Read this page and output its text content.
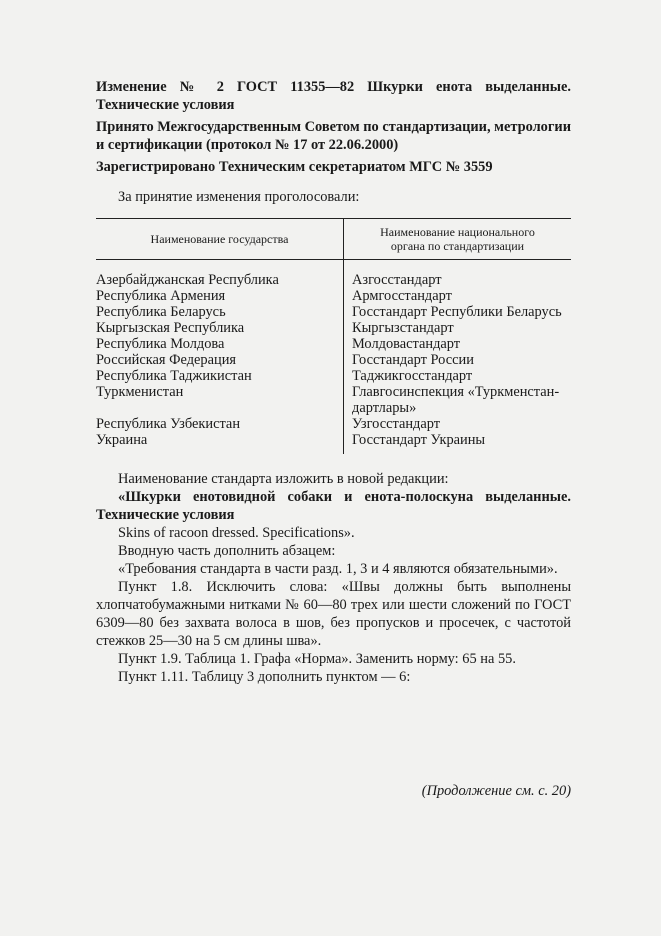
Изменение № 2 ГОСТ 11355—82 Шкурки енота выделанные. Технические условия
Принято Межгосударственным Советом по стандартизации, метрологии и сертификации (протокол № 17 от 22.06.2000)
Зарегистрировано Техническим секретариатом МГС № 3559
За принятие изменения проголосовали:
Наименование государства	Наименование национального
органа по стандартизации

Азербайджанская Республика	Азгосстандарт
Республика Армения	Армгосстандарт
Республика Беларусь	Госстандарт Республики Беларусь
Кыргызская Республика	Кыргызстандарт
Республика Молдова	Молдовастандарт
Российская Федерация	Госстандарт России
Республика Таджикистан	Таджикгосстандарт
Туркменистан	Главгосинспекция «Туркменстан-дартлары»
Республика Узбекистан	Узгосстандарт
Украина	Госстандарт Украины

Наименование стандарта изложить в новой редакции:

«Шкурки енотовидной собаки и енота-полоскуна выделанные. Технические условия

Skins of racoon dressed. Specifications».

Вводную часть дополнить абзацем:

«Требования стандарта в части разд. 1, 3 и 4 являются обязательными».

Пункт 1.8. Исключить слова: «Швы должны быть выполнены хлопчатобумажными нитками № 60—80 трех или шести сложений по ГОСТ 6309—80 без захвата волоса в шов, без пропусков и просечек, с частотой стежков 25—30 на 5 см длины шва».

Пункт 1.9. Таблица 1. Графа «Норма». Заменить норму: 65 на 55.

Пункт 1.11. Таблицу 3 дополнить пунктом — 6:

(Продолжение см. с. 20)
